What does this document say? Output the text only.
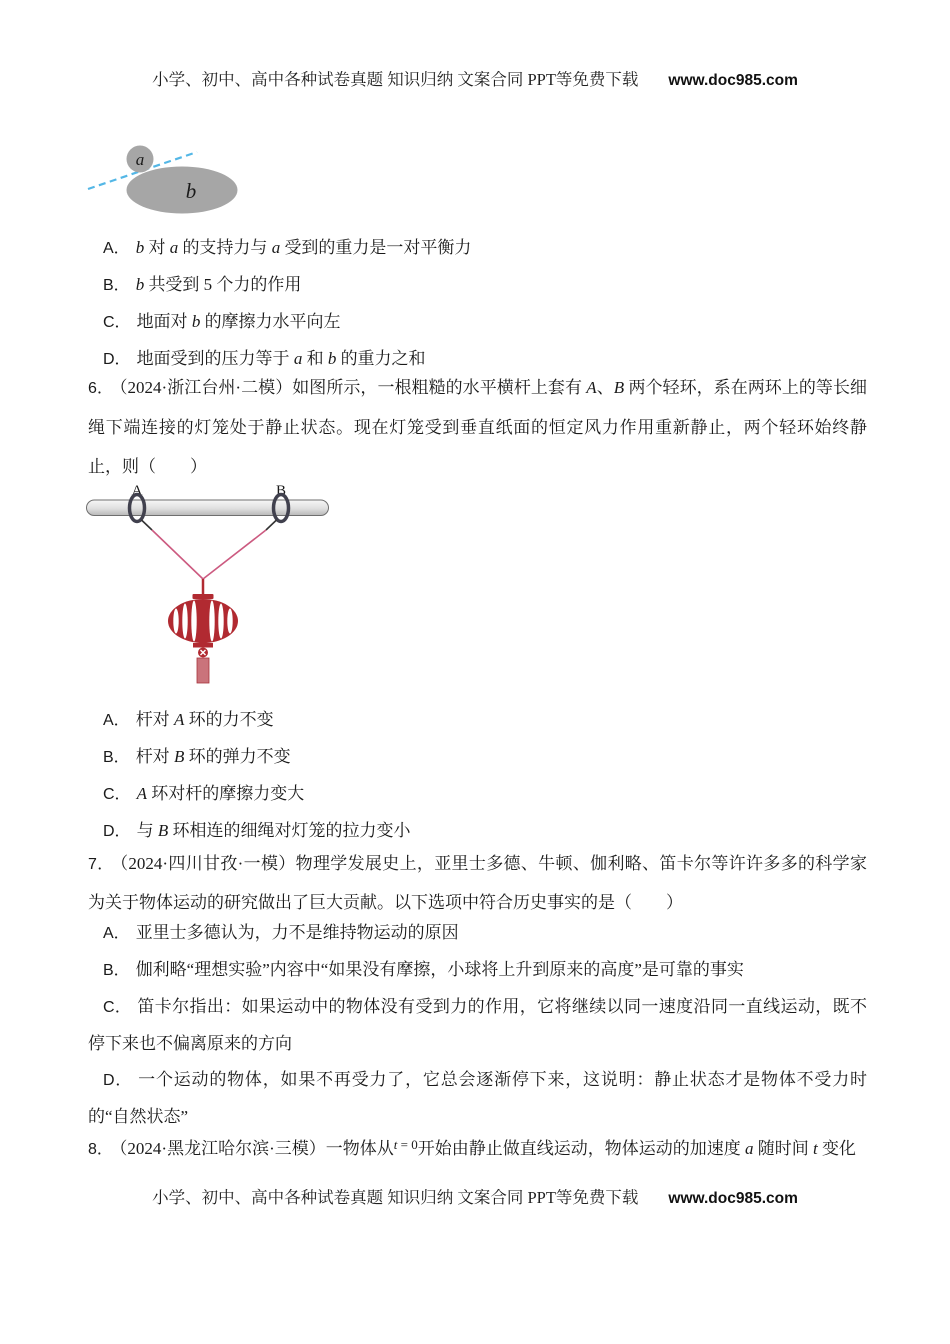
小学、初中、高中各种试卷真题 知识归纳 文案合同 PPT等免费下载 www.doc985.com
a
b

A． b 对 a 的支持力与 a 受到的重力是一对平衡力

B． b 共受到 5 个力的作用

C． 地面对 b 的摩擦力水平向左

D． 地面受到的压力等于 a 和 b 的重力之和

6． （2024·浙江台州·二模）如图所示，一根粗糙的水平横杆上套有 A、B 两个轻环，系在两环上的等长细绳下端连接的灯笼处于静止状态。现在灯笼受到垂直纸面的恒定风力作用重新静止，两个轻环始终静止，则（　　）

A	B

A． 杆对 A 环的力不变

B． 杆对 B 环的弹力不变

C． A 环对杆的摩擦力变大

D． 与 B 环相连的细绳对灯笼的拉力变小

7． （2024·四川甘孜·一模）物理学发展史上，亚里士多德、牛顿、伽利略、笛卡尔等许许多多的科学家为关于物体运动的研究做出了巨大贡献。以下选项中符合历史事实的是（　　）

A． 亚里士多德认为，力不是维持物运动的原因

B． 伽利略“理想实验”内容中“如果没有摩擦，小球将上升到原来的高度”是可靠的事实

C． 笛卡尔指出：如果运动中的物体没有受到力的作用，它将继续以同一速度沿同一直线运动，既不停下来也不偏离原来的方向

D． 一个运动的物体，如果不再受力了，它总会逐渐停下来，这说明：静止状态才是物体不受力时的“自然状态”

8． （2024·黑龙江哈尔滨·三模）一物体从$^t$ $^{= 0}$开始由静止做直线运动，物体运动的加速度 a 随时间 t 变化

小学、初中、高中各种试卷真题 知识归纳 文案合同 PPT等免费下载 www.doc985.com
